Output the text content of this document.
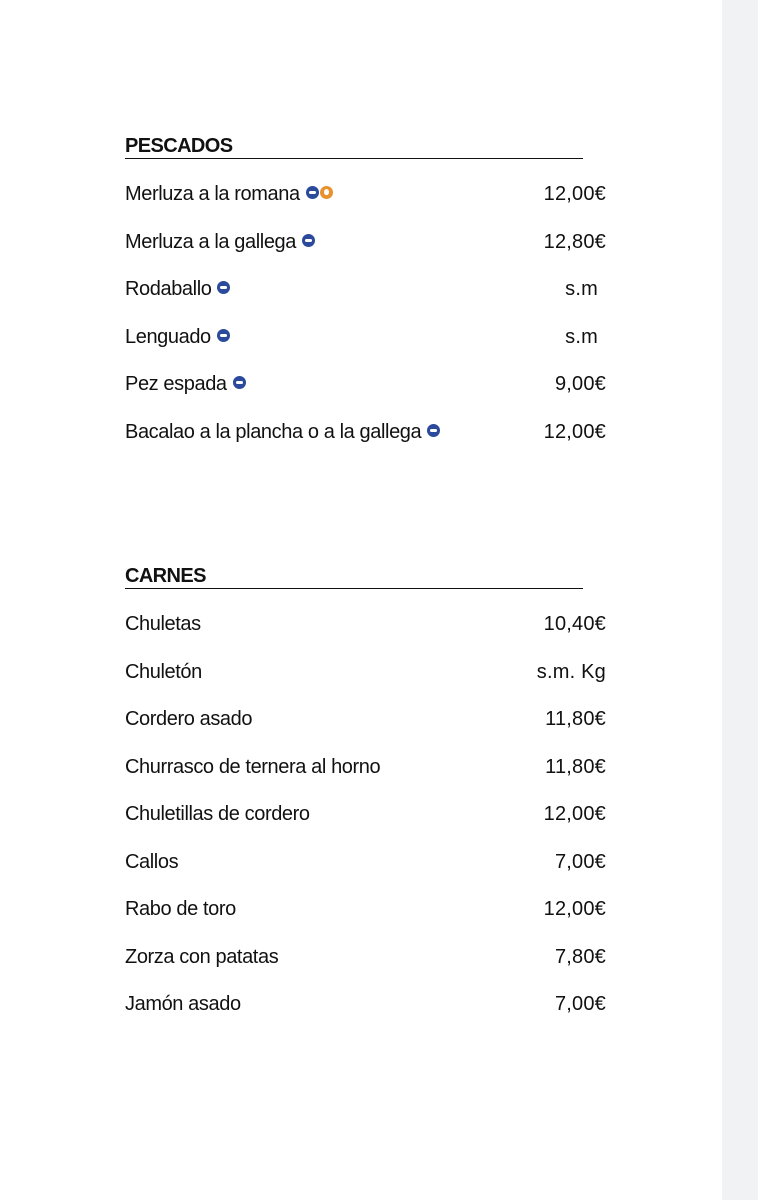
PESCADOS
Merluza a la romana	12,00€
Merluza a la gallega	12,80€
Rodaballo	s.m
Lenguado	s.m
Pez espada	9,00€
Bacalao a la plancha o a la gallega	12,00€
CARNES
Chuletas	10,40€
Chuletón	s.m. Kg
Cordero asado	11,80€
Churrasco de ternera al horno	11,80€
Chuletillas de cordero	12,00€
Callos	7,00€
Rabo de toro	12,00€
Zorza con patatas	7,80€
Jamón asado	7,00€
